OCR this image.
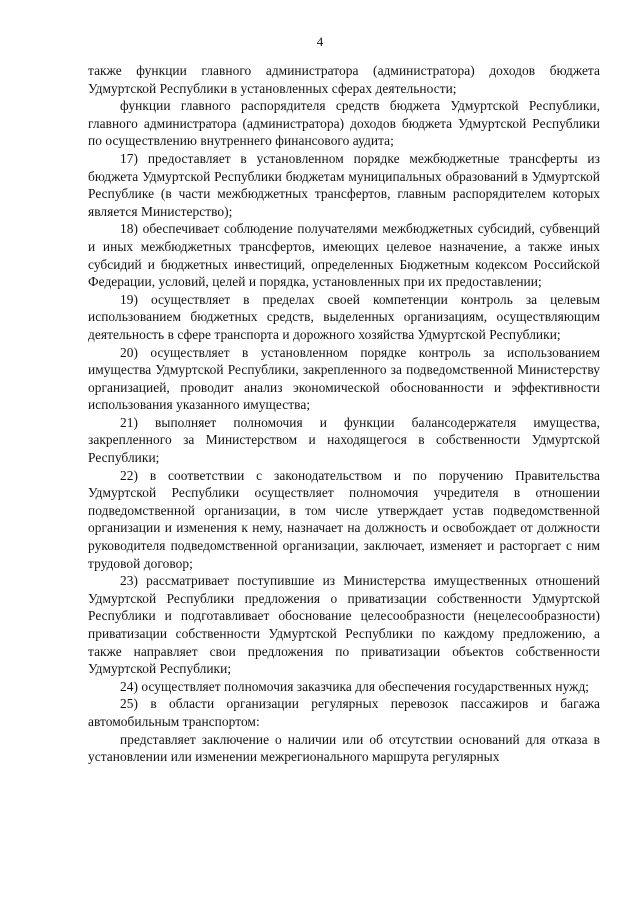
4

также функции главного администратора (администратора) доходов бюджета Удмуртской Республики в установленных сферах деятельности;

функции главного распорядителя средств бюджета Удмуртской Республики, главного администратора (администратора) доходов бюджета Удмуртской Республики по осуществлению внутреннего финансового аудита;

17) предоставляет в установленном порядке межбюджетные трансферты из бюджета Удмуртской Республики бюджетам муниципальных образований в Удмуртской Республике (в части межбюджетных трансфертов, главным распорядителем которых является Министерство);

18) обеспечивает соблюдение получателями межбюджетных субсидий, субвенций и иных межбюджетных трансфертов, имеющих целевое назначение, а также иных субсидий и бюджетных инвестиций, определенных Бюджетным кодексом Российской Федерации, условий, целей и порядка, установленных при их предоставлении;

19) осуществляет в пределах своей компетенции контроль за целевым использованием бюджетных средств, выделенных организациям, осуществляющим деятельность в сфере транспорта и дорожного хозяйства Удмуртской Республики;

20) осуществляет в установленном порядке контроль за использованием имущества Удмуртской Республики, закрепленного за подведомственной Министерству организацией, проводит анализ экономической обоснованности и эффективности использования указанного имущества;

21) выполняет полномочия и функции балансодержателя имущества, закрепленного за Министерством и находящегося в собственности Удмуртской Республики;

22) в соответствии с законодательством и по поручению Правительства Удмуртской Республики осуществляет полномочия учредителя в отношении подведомственной организации, в том числе утверждает устав подведомственной организации и изменения к нему, назначает на должность и освобождает от должности руководителя подведомственной организации, заключает, изменяет и расторгает с ним трудовой договор;

23) рассматривает поступившие из Министерства имущественных отношений Удмуртской Республики предложения о приватизации собственности Удмуртской Республики и подготавливает обоснование целесообразности (нецелесообразности) приватизации собственности Удмуртской Республики по каждому предложению, а также направляет свои предложения по приватизации объектов собственности Удмуртской Республики;

24) осуществляет полномочия заказчика для обеспечения государственных нужд;

25) в области организации регулярных перевозок пассажиров и багажа автомобильным транспортом:

представляет заключение о наличии или об отсутствии оснований для отказа в установлении или изменении межрегионального маршрута регулярных
